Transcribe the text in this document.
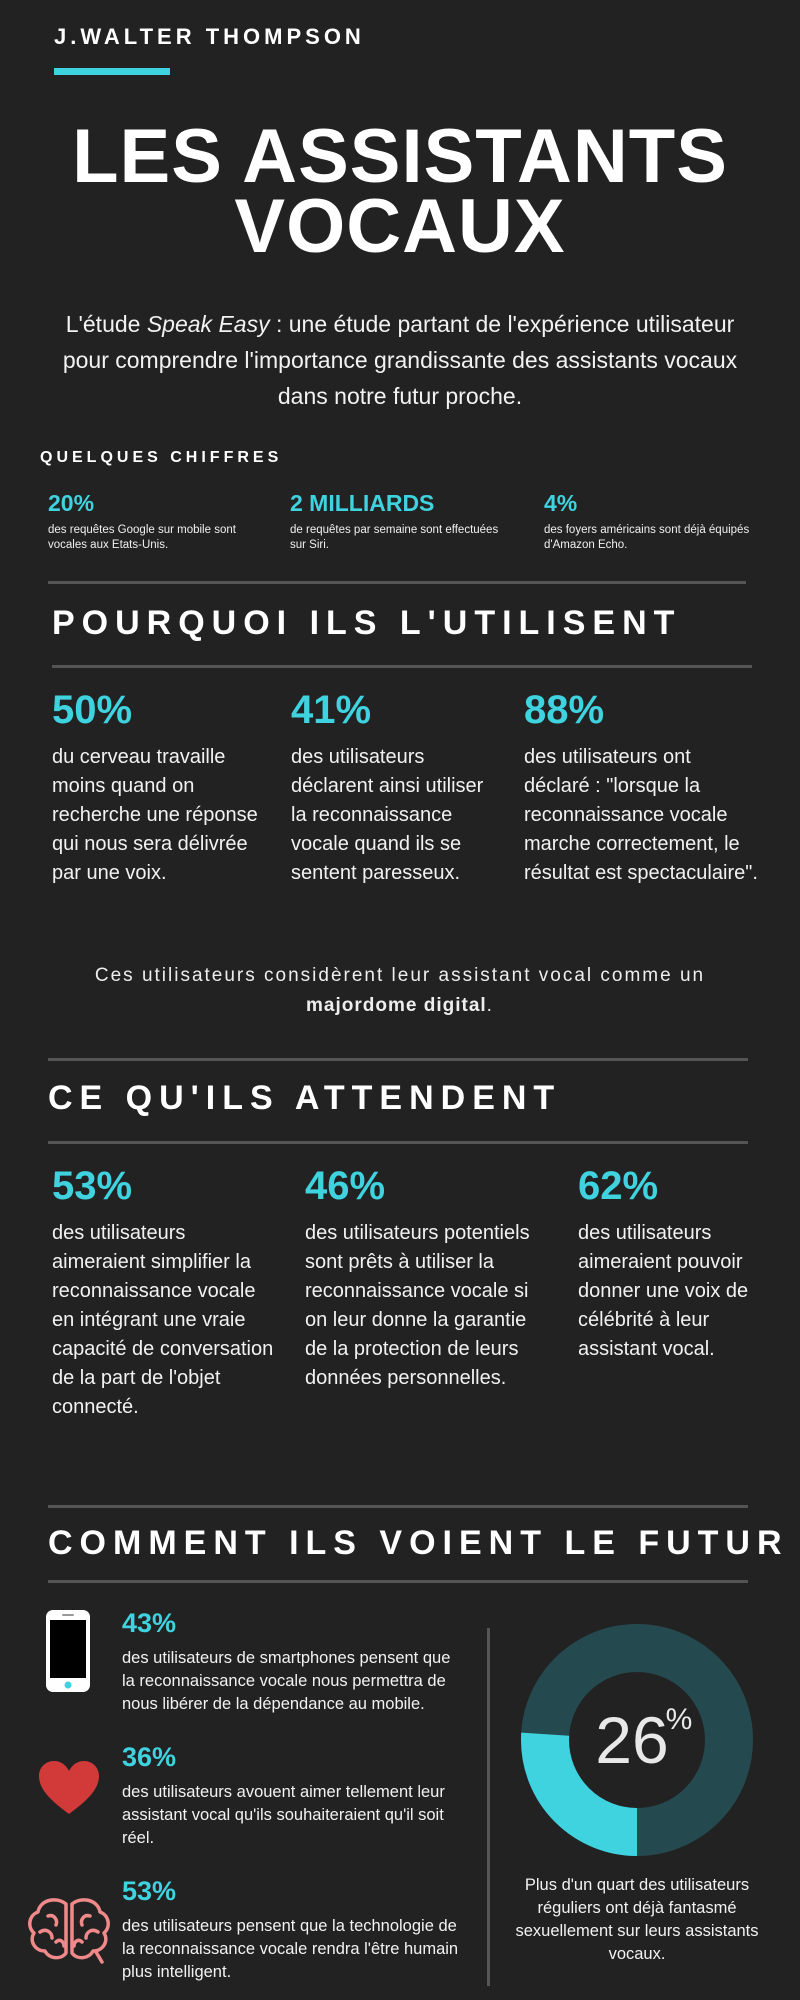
J.WALTER THOMPSON
LES ASSISTANTS
VOCAUX
L'étude Speak Easy : une étude partant de l'expérience utilisateur pour comprendre l'importance grandissante des assistants vocaux dans notre futur proche.
QUELQUES CHIFFRES
20%
des requêtes Google sur mobile sont vocales aux Etats-Unis.
2 MILLIARDS
de requêtes par semaine sont effectuées sur Siri.
4%
des foyers américains sont déjà équipés d'Amazon Echo.
POURQUOI ILS L'UTILISENT
50%
du cerveau travaille moins quand on recherche une réponse qui nous sera délivrée par une voix.
41%
des utilisateurs déclarent ainsi utiliser la reconnaissance vocale quand ils se sentent paresseux.
88%
des utilisateurs ont déclaré : "lorsque la reconnaissance vocale marche correctement, le résultat est spectaculaire".
Ces utilisateurs considèrent leur assistant vocal comme un
majordome digital.
CE QU'ILS ATTENDENT
53%
des utilisateurs aimeraient simplifier la reconnaissance vocale en intégrant une vraie capacité de conversation de la part de l'objet connecté.
46%
des utilisateurs potentiels sont prêts à utiliser la reconnaissance vocale si on leur donne la garantie de la protection de leurs données personnelles.
62%
des utilisateurs aimeraient pouvoir donner une voix de célébrité à leur assistant vocal.
COMMENT ILS VOIENT LE FUTUR
43%
des utilisateurs de smartphones pensent que la reconnaissance vocale nous permettra de nous libérer de la dépendance au mobile.
36%
des utilisateurs avouent aimer tellement leur assistant vocal qu'ils souhaiteraient qu'il soit réel.
53%
des utilisateurs pensent que la technologie de la reconnaissance vocale rendra l'être humain plus intelligent.
26
%
Plus d'un quart des utilisateurs réguliers ont déjà fantasmé sexuellement sur leurs assistants vocaux.
